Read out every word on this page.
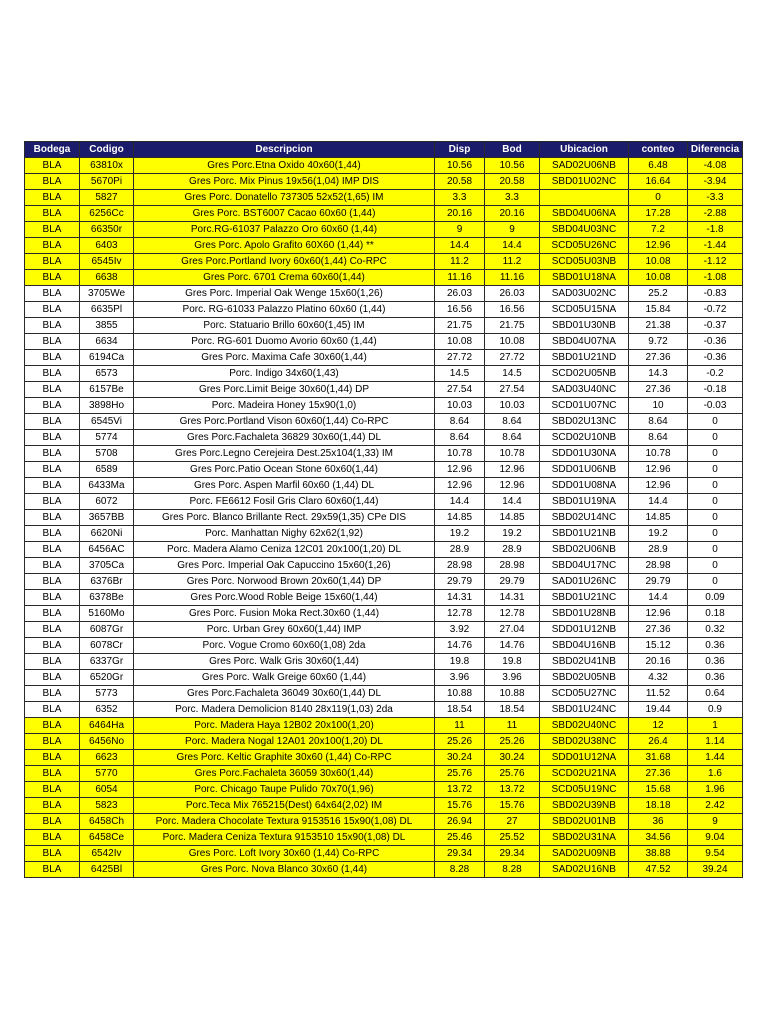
Bodega	Codigo	Descripcion	Disp	Bod	Ubicacion	conteo	Diferencia
BLA	63810x	Gres Porc.Etna Oxido 40x60(1,44)	10.56	10.56	SAD02U06NB	6.48	-4.08
BLA	5670Pi	Gres Porc. Mix Pinus 19x56(1,04) IMP DIS	20.58	20.58	SBD01U02NC	16.64	-3.94
BLA	5827	Gres Porc. Donatello 737305 52x52(1,65) IM	3.3	3.3		0	-3.3
BLA	6256Cc	Gres Porc. BST6007 Cacao 60x60 (1,44)	20.16	20.16	SBD04U06NA	17.28	-2.88
BLA	66350r	Porc.RG-61037 Palazzo Oro 60x60 (1,44)	9	9	SBD04U03NC	7.2	-1.8
BLA	6403	Gres Porc. Apolo Grafito 60X60 (1,44) **	14.4	14.4	SCD05U26NC	12.96	-1.44
BLA	6545Iv	Gres Porc.Portland Ivory 60x60(1,44) Co-RPC	11.2	11.2	SCD05U03NB	10.08	-1.12
BLA	6638	Gres Porc. 6701 Crema 60x60(1,44)	11.16	11.16	SBD01U18NA	10.08	-1.08
BLA	3705We	Gres Porc. Imperial Oak Wenge 15x60(1,26)	26.03	26.03	SAD03U02NC	25.2	-0.83
BLA	6635Pl	Porc. RG-61033 Palazzo Platino 60x60 (1,44)	16.56	16.56	SCD05U15NA	15.84	-0.72
BLA	3855	Porc. Statuario Brillo 60x60(1,45) IM	21.75	21.75	SBD01U30NB	21.38	-0.37
BLA	6634	Porc. RG-601 Duomo Avorio 60x60 (1,44)	10.08	10.08	SBD04U07NA	9.72	-0.36
BLA	6194Ca	Gres Porc. Maxima Cafe 30x60(1,44)	27.72	27.72	SBD01U21ND	27.36	-0.36
BLA	6573	Porc. Indigo 34x60(1,43)	14.5	14.5	SCD02U05NB	14.3	-0.2
BLA	6157Be	Gres Porc.Limit Beige 30x60(1,44) DP	27.54	27.54	SAD03U40NC	27.36	-0.18
BLA	3898Ho	Porc. Madeira Honey 15x90(1,0)	10.03	10.03	SCD01U07NC	10	-0.03
BLA	6545Vi	Gres Porc.Portland Vison 60x60(1,44) Co-RPC	8.64	8.64	SBD02U13NC	8.64	0
BLA	5774	Gres Porc.Fachaleta 36829 30x60(1,44) DL	8.64	8.64	SCD02U10NB	8.64	0
BLA	5708	Gres Porc.Legno Cerejeira Dest.25x104(1,33) IM	10.78	10.78	SDD01U30NA	10.78	0
BLA	6589	Gres Porc.Patio Ocean Stone 60x60(1,44)	12.96	12.96	SDD01U06NB	12.96	0
BLA	6433Ma	Gres Porc. Aspen Marfil 60x60 (1,44) DL	12.96	12.96	SDD01U08NA	12.96	0
BLA	6072	Porc. FE6612 Fosil Gris Claro 60x60(1,44)	14.4	14.4	SBD01U19NA	14.4	0
BLA	3657BB	Gres Porc. Blanco Brillante Rect. 29x59(1,35) CPe DIS	14.85	14.85	SBD02U14NC	14.85	0
BLA	6620Ni	Porc. Manhattan Nighy 62x62(1,92)	19.2	19.2	SBD01U21NB	19.2	0
BLA	6456AC	Porc. Madera Alamo Ceniza 12C01 20x100(1,20) DL	28.9	28.9	SBD02U06NB	28.9	0
BLA	3705Ca	Gres Porc. Imperial Oak Capuccino 15x60(1,26)	28.98	28.98	SBD04U17NC	28.98	0
BLA	6376Br	Gres Porc. Norwood Brown 20x60(1,44) DP	29.79	29.79	SAD01U26NC	29.79	0
BLA	6378Be	Gres Porc.Wood Roble Beige 15x60(1,44)	14.31	14.31	SBD01U21NC	14.4	0.09
BLA	5160Mo	Gres Porc. Fusion Moka Rect.30x60 (1,44)	12.78	12.78	SBD01U28NB	12.96	0.18
BLA	6087Gr	Porc. Urban Grey 60x60(1,44) IMP	3.92	27.04	SDD01U12NB	27.36	0.32
BLA	6078Cr	Porc. Vogue Cromo 60x60(1,08) 2da	14.76	14.76	SBD04U16NB	15.12	0.36
BLA	6337Gr	Gres Porc. Walk Gris 30x60(1,44)	19.8	19.8	SBD02U41NB	20.16	0.36
BLA	6520Gr	Gres Porc. Walk Greige 60x60 (1,44)	3.96	3.96	SBD02U05NB	4.32	0.36
BLA	5773	Gres Porc.Fachaleta 36049 30x60(1,44) DL	10.88	10.88	SCD05U27NC	11.52	0.64
BLA	6352	Porc. Madera Demolicion 8140 28x119(1,03) 2da	18.54	18.54	SBD01U24NC	19.44	0.9
BLA	6464Ha	Porc. Madera Haya 12B02 20x100(1,20)	11	11	SBD02U40NC	12	1
BLA	6456No	Porc. Madera Nogal 12A01 20x100(1,20) DL	25.26	25.26	SBD02U38NC	26.4	1.14
BLA	6623	Gres Porc. Keltic Graphite 30x60 (1,44) Co-RPC	30.24	30.24	SDD01U12NA	31.68	1.44
BLA	5770	Gres Porc.Fachaleta 36059 30x60(1,44)	25.76	25.76	SCD02U21NA	27.36	1.6
BLA	6054	Porc. Chicago Taupe Pulido 70x70(1,96)	13.72	13.72	SCD05U19NC	15.68	1.96
BLA	5823	Porc.Teca Mix 765215(Dest) 64x64(2,02) IM	15.76	15.76	SBD02U39NB	18.18	2.42
BLA	6458Ch	Porc. Madera Chocolate Textura 9153516 15x90(1,08) DL	26.94	27	SBD02U01NB	36	9
BLA	6458Ce	Porc. Madera Ceniza Textura 9153510 15x90(1,08) DL	25.46	25.52	SBD02U31NA	34.56	9.04
BLA	6542Iv	Gres Porc. Loft Ivory 30x60 (1,44) Co-RPC	29.34	29.34	SAD02U09NB	38.88	9.54
BLA	6425Bl	Gres Porc. Nova Blanco 30x60 (1,44)	8.28	8.28	SAD02U16NB	47.52	39.24
